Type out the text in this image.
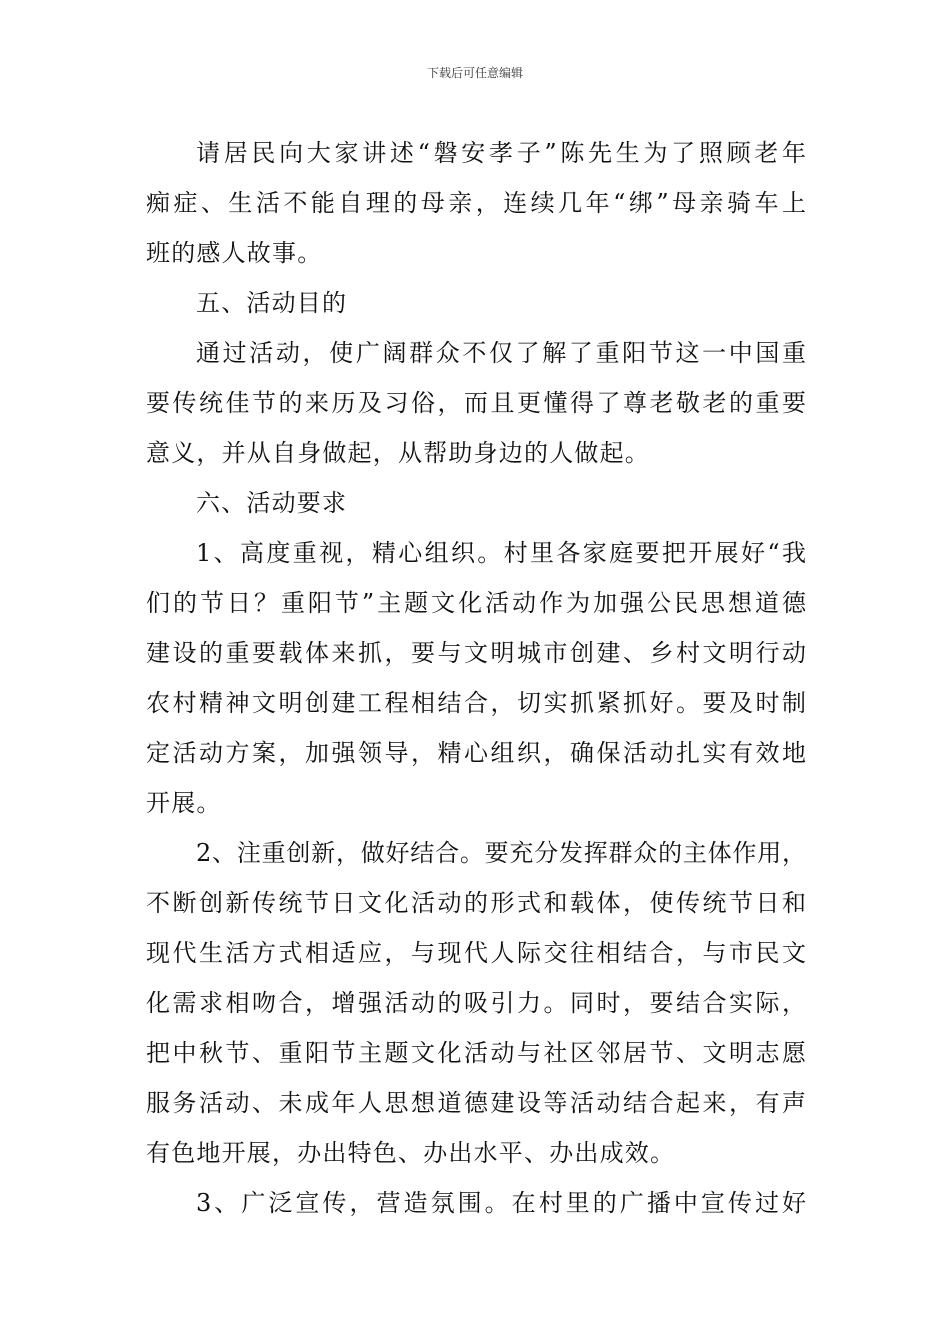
下载后可任意编辑
请居民向大家讲述“磐安孝子”陈先生为了照顾老年
痴症、生活不能自理的母亲，连续几年“绑”母亲骑车上
班的感人故事。
五、活动目的
通过活动，使广阔群众不仅了解了重阳节这一中国重
要传统佳节的来历及习俗，而且更懂得了尊老敬老的重要
意义，并从自身做起，从帮助身边的人做起。
六、活动要求
1、高度重视，精心组织。村里各家庭要把开展好“我
们的节日？重阳节”主题文化活动作为加强公民思想道德
建设的重要载体来抓，要与文明城市创建、乡村文明行动
农村精神文明创建工程相结合，切实抓紧抓好。要及时制
定活动方案，加强领导，精心组织，确保活动扎实有效地
开展。
2、注重创新，做好结合。要充分发挥群众的主体作用，
不断创新传统节日文化活动的形式和载体，使传统节日和
现代生活方式相适应，与现代人际交往相结合，与市民文
化需求相吻合，增强活动的吸引力。同时，要结合实际，
把中秋节、重阳节主题文化活动与社区邻居节、文明志愿
服务活动、未成年人思想道德建设等活动结合起来，有声
有色地开展，办出特色、办出水平、办出成效。
3、广泛宣传，营造氛围。在村里的广播中宣传过好
